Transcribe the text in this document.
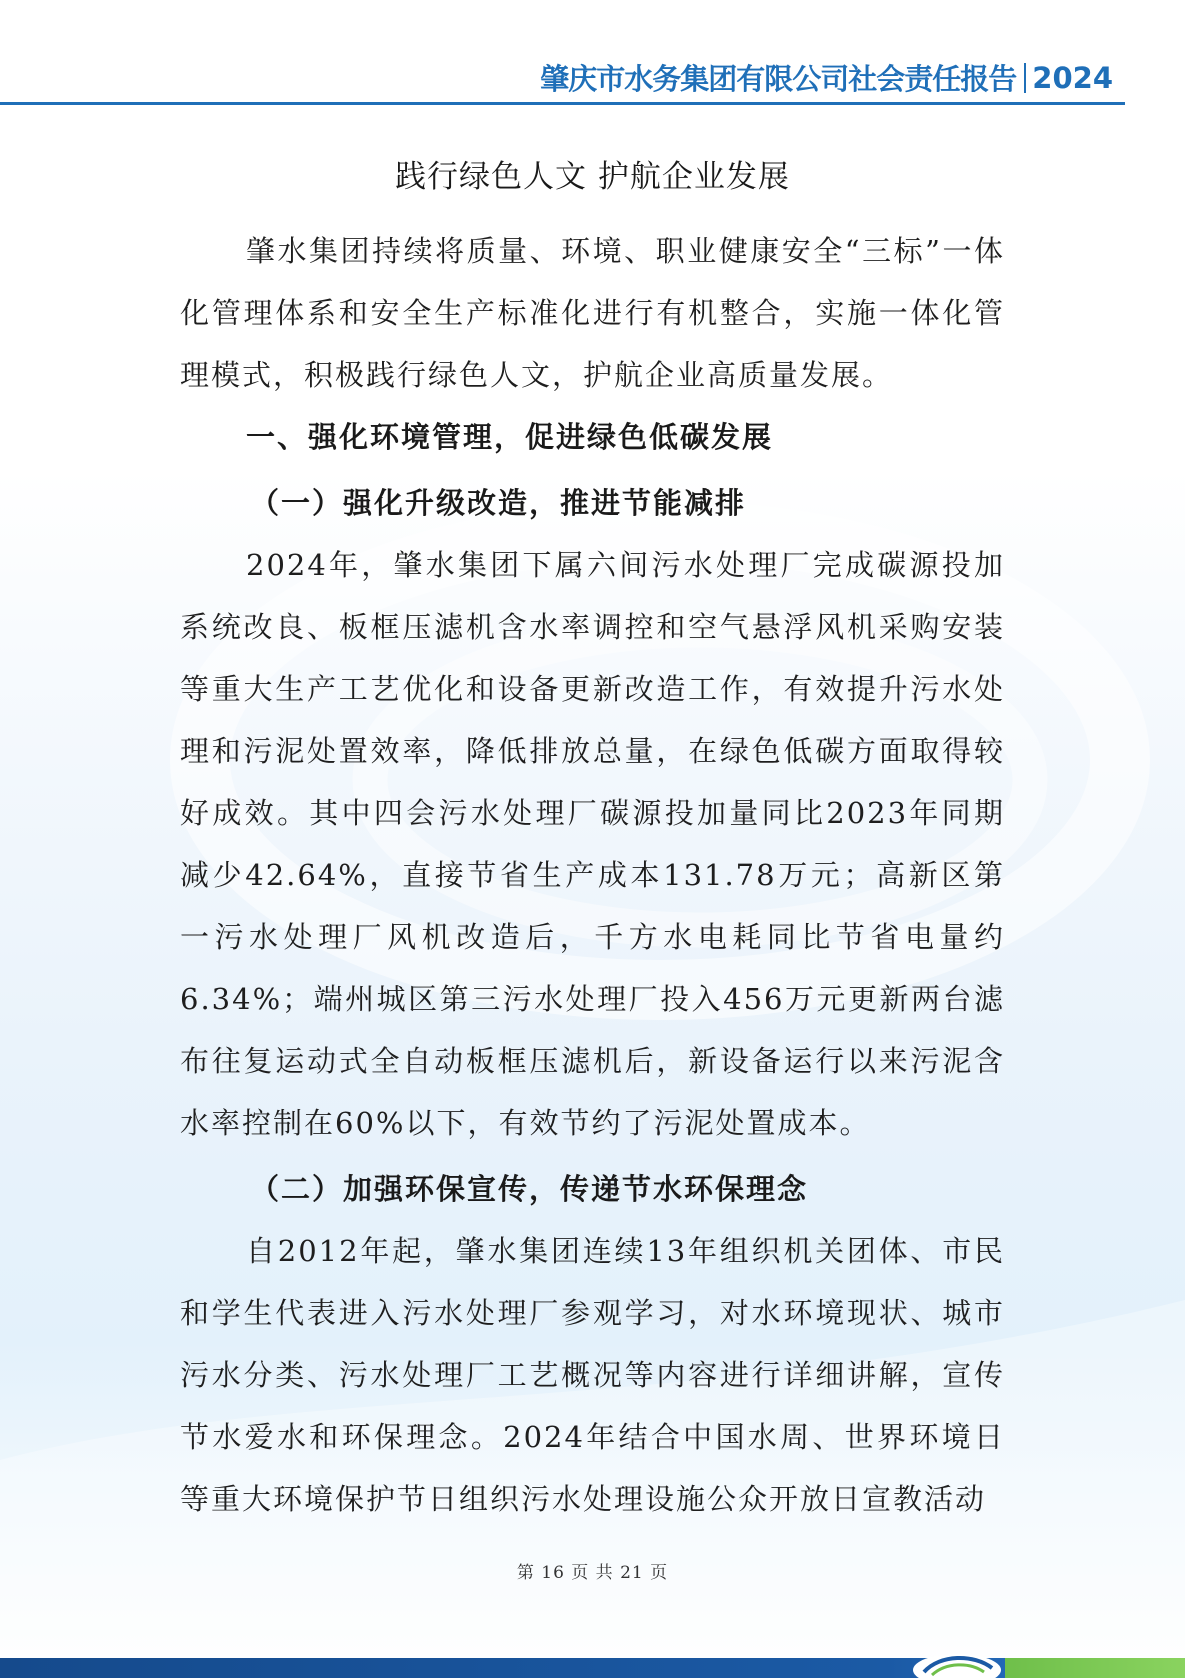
肇庆市水务集团有限公司社会责任报告 2024
践行绿色人文 护航企业发展

肇水集团持续将质量、环境、职业健康安全“三标”一体化管理体系和安全生产标准化进行有机整合，实施一体化管理模式，积极践行绿色人文，护航企业高质量发展。

一、强化环境管理，促进绿色低碳发展
（一）强化升级改造，推进节能减排

2024年，肇水集团下属六间污水处理厂完成碳源投加系统改良、板框压滤机含水率调控和空气悬浮风机采购安装等重大生产工艺优化和设备更新改造工作，有效提升污水处理和污泥处置效率，降低排放总量，在绿色低碳方面取得较好成效。其中四会污水处理厂碳源投加量同比2023年同期减少42.64%，直接节省生产成本131.78万元；高新区第一污水处理厂风机改造后，千方水电耗同比节省电量约6.34%；端州城区第三污水处理厂投入456万元更新两台滤布往复运动式全自动板框压滤机后，新设备运行以来污泥含水率控制在60%以下，有效节约了污泥处置成本。

（二）加强环保宣传，传递节水环保理念

自2012年起，肇水集团连续13年组织机关团体、市民和学生代表进入污水处理厂参观学习，对水环境现状、城市污水分类、污水处理厂工艺概况等内容进行详细讲解，宣传节水爱水和环保理念。2024年结合中国水周、世界环境日等重大环境保护节日组织污水处理设施公众开放日宣教活动

第 16 页 共 21 页
